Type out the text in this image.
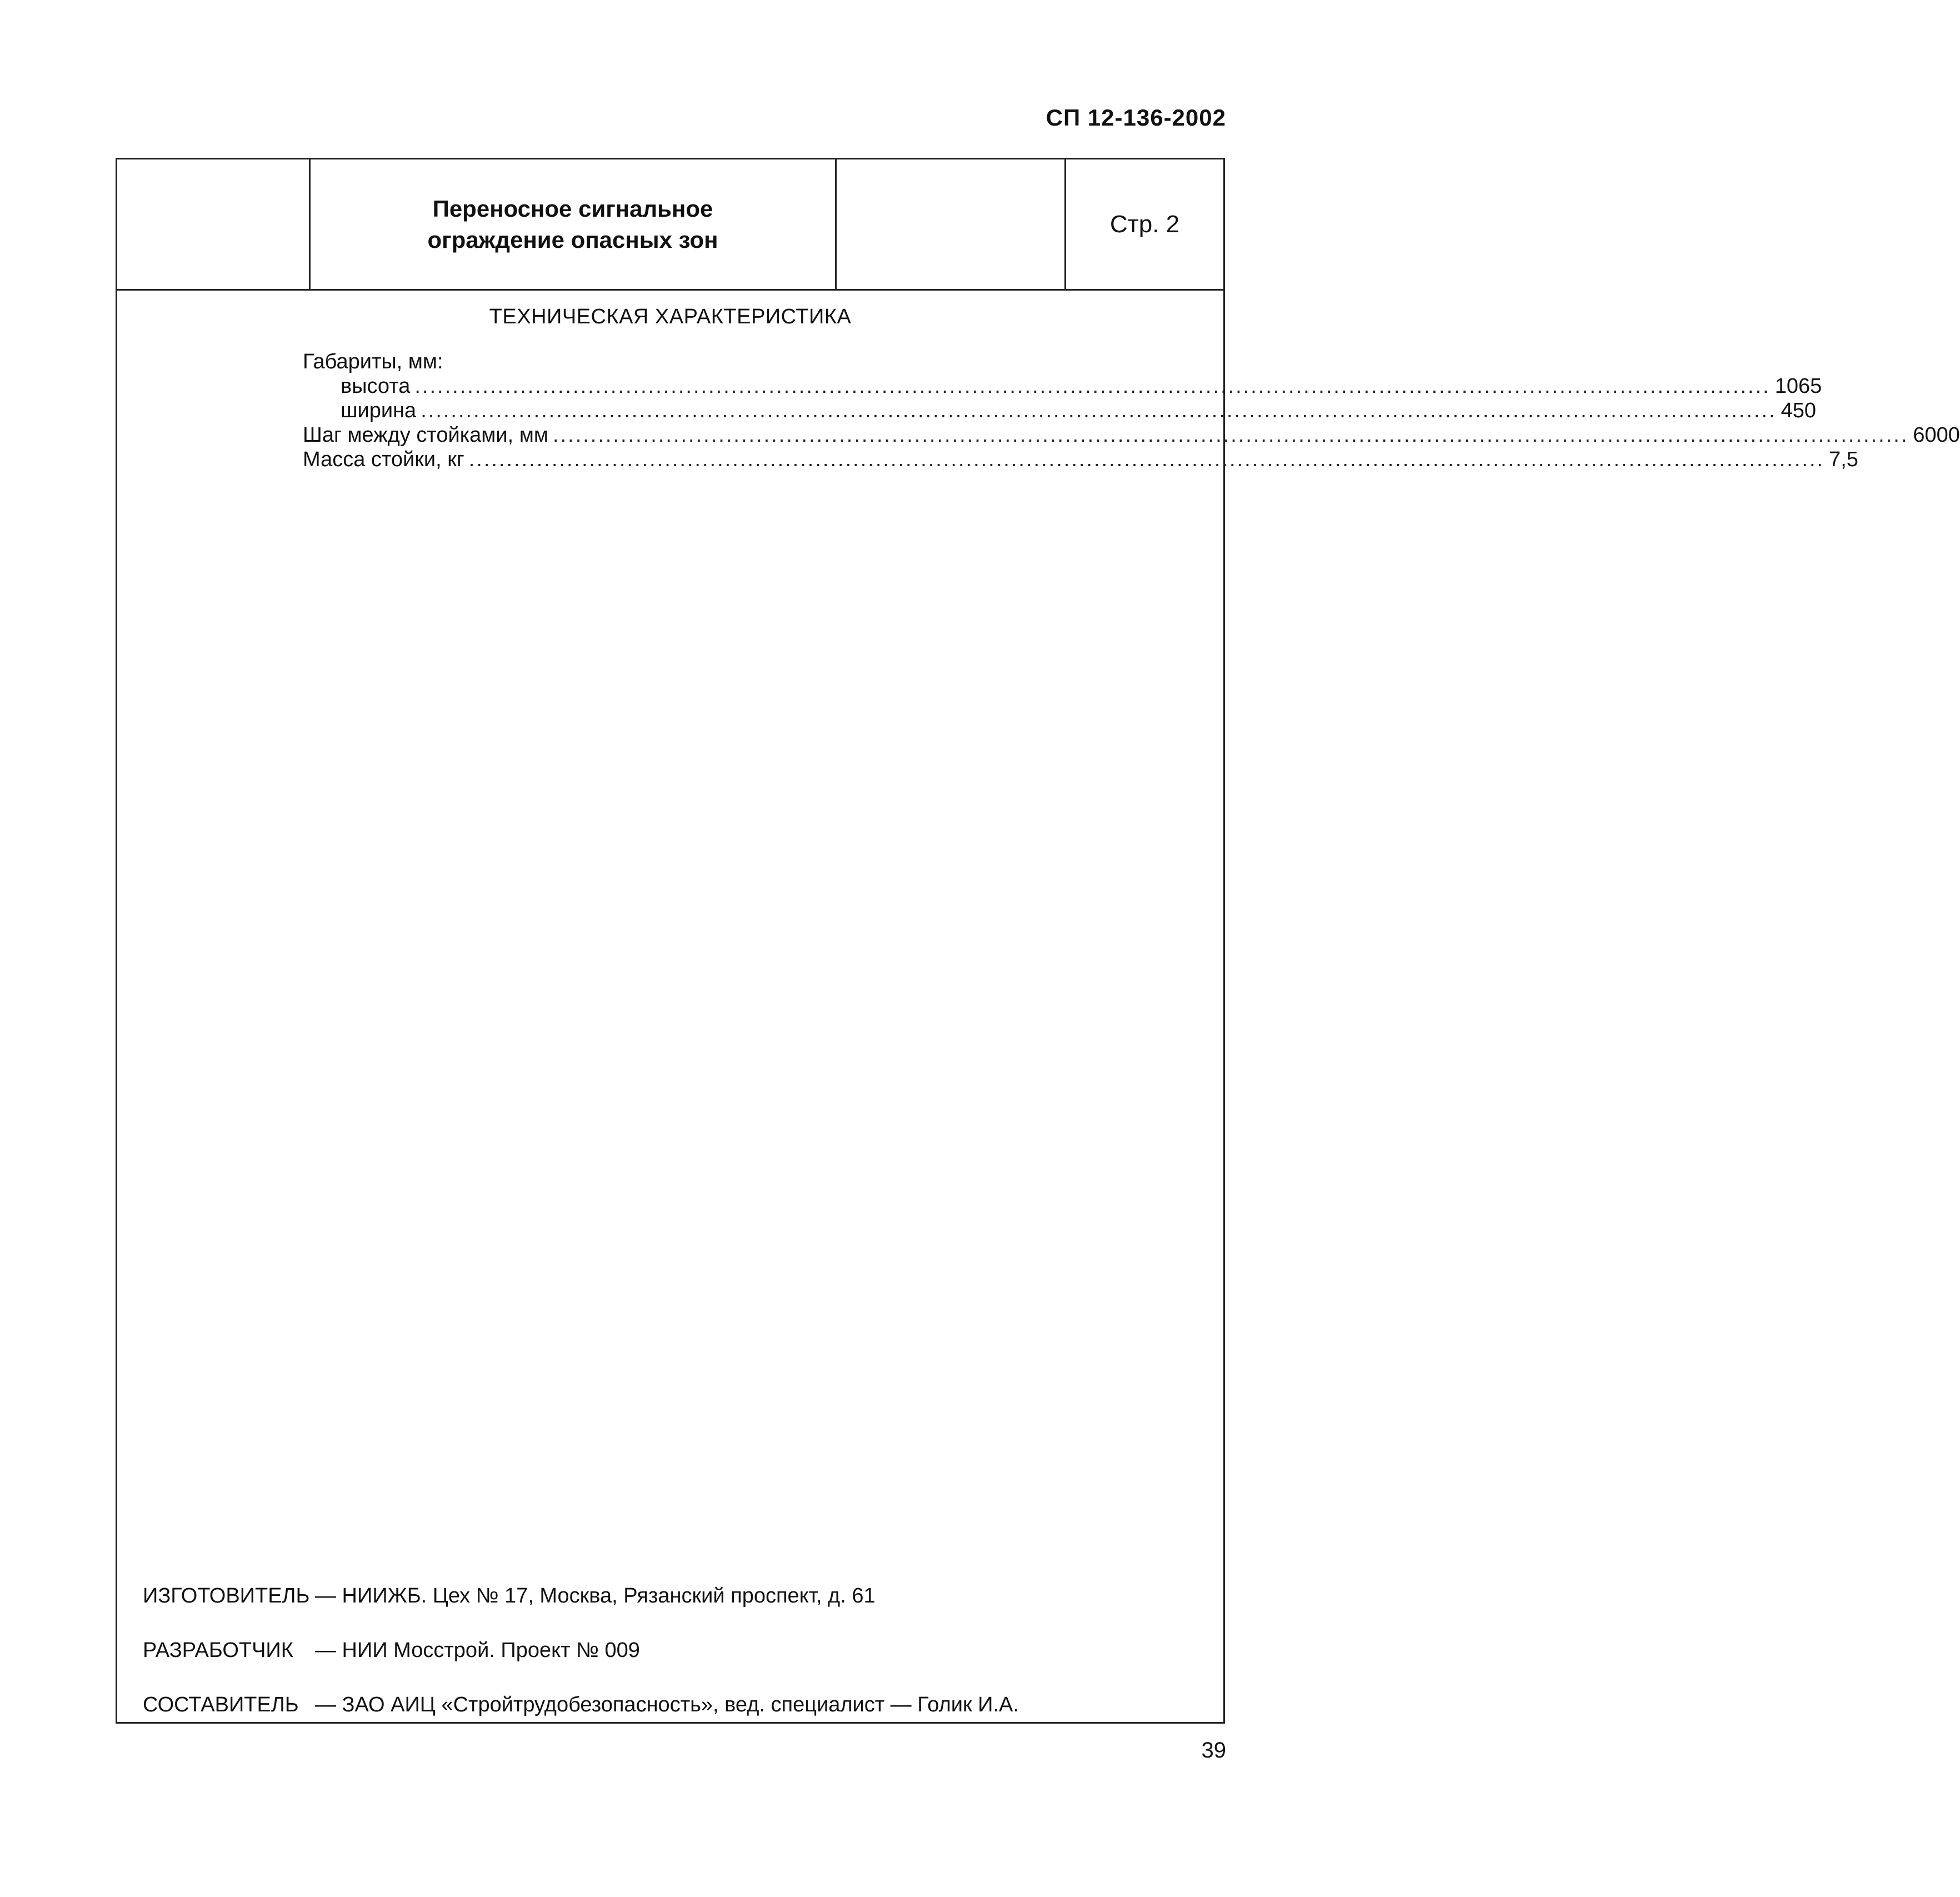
СП 12-136-2002
Переносное сигнальное
ограждение опасных зон
Стр. 2
ТЕХНИЧЕСКАЯ ХАРАКТЕРИСТИКА
Габариты, мм:
высота .................................................................................................................................................................................... 1065
ширина .................................................................................................................................................................................... 450
Шаг между стойками, мм .................................................................................................................................................................................... 6000
Масса стойки, кг .................................................................................................................................................................................... 7,5
ИЗГОТОВИТЕЛЬ — НИИЖБ. Цех № 17, Москва, Рязанский проспект, д. 61
РАЗРАБОТЧИК	— НИИ Мосстрой. Проект № 009
СОСТАВИТЕЛЬ — ЗАО АИЦ «Стройтрудобезопасность», вед. специалист — Голик И.А.
39
